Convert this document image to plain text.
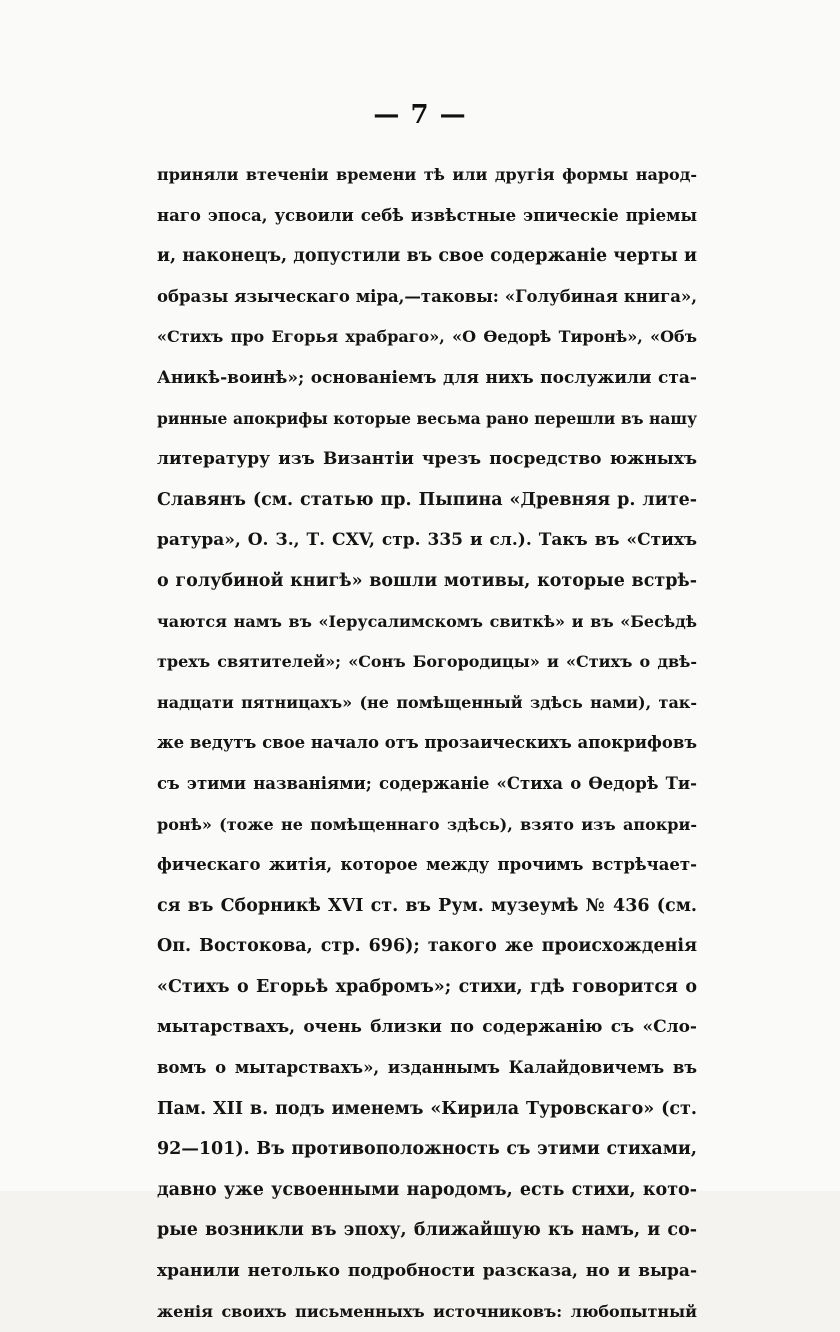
— 7 —
приняли втеченіи времени тѣ или другія формы народ-
наго эпоса, усвоили себѣ извѣстные эпическіе пріемы
и, наконецъ, допустили въ свое содержаніе черты и
образы языческаго міра,—таковы: «Голубиная книга»,
«Стихъ про Егорья храбраго», «О Ѳедорѣ Тиронѣ», «Объ
Аникѣ-воинѣ»; основаніемъ для нихъ послужили ста-
ринные апокрифы которые весьма рано перешли въ нашу
литературу изъ Византіи чрезъ посредство южныхъ
Славянъ (см. статью пр. Пыпина «Древняя р. литe-
ратура», О. З., Т. CXV, стр. 335 и сл.). Такъ въ «Стихъ
о голубиной книгѣ» вошли мотивы, которые встрѣ-
чаются намъ въ «Іерусалимскомъ свиткѣ» и въ «Бесѣдѣ
трехъ святителей»; «Сонъ Богородицы» и «Стихъ о двѣ-
надцати пятницахъ» (не помѣщенный здѣсь нами), так-
же ведутъ свое начало отъ прозаическихъ апокрифовъ
съ этими названіями; содержаніе «Стиха о Ѳедорѣ Ти-
ронѣ» (тоже не помѣщеннаго здѣсь), взято изъ апокри-
фическаго житія, которое между прочимъ встрѣчает-
ся въ Сборникѣ XVI ст. въ Рум. музеумѣ № 436 (см.
Оп. Востокова, стр. 696); такого же происхожденія
«Стихъ о Егорьѣ храбромъ»; стихи, гдѣ говорится о
мытарствахъ, очень близки по содержанію съ «Сло-
вомъ о мытарствахъ», изданнымъ Калайдовичемъ въ
Пам. XII в. подъ именемъ «Кирила Туровскаго» (ст.
92—101). Въ противоположность съ этими стихами,
давно уже усвоенными народомъ, есть стихи, кото-
рые возникли въ эпоху, ближайшую къ намъ, и со-
хранили нетолько подробности разсказа, но и выра-
женія своихъ письменныхъ источниковъ: любопытный
